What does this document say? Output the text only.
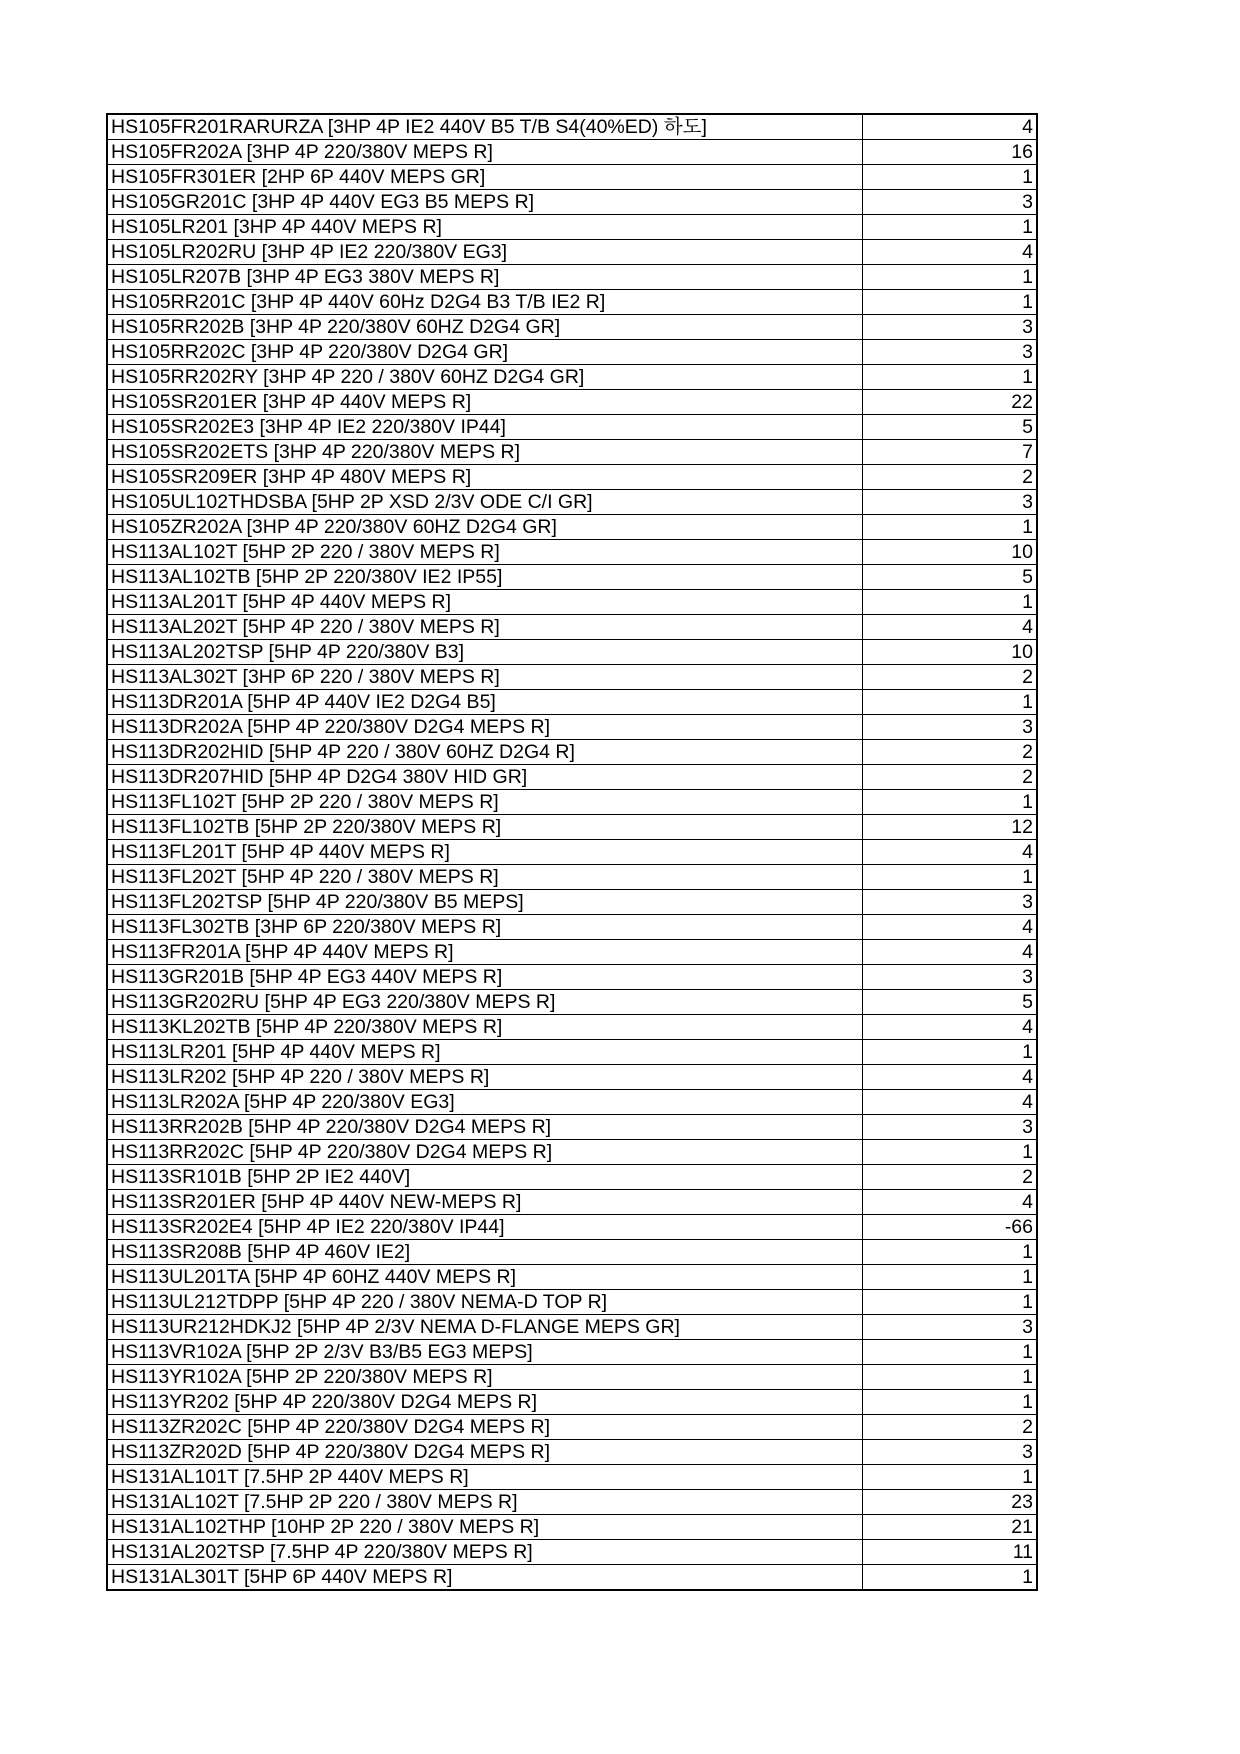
HS105FR201RARURZA [3HP 4P IE2 440V B5 T/B S4(40%ED) 하도]	4
HS105FR202A [3HP 4P 220/380V MEPS R]	16
HS105FR301ER [2HP 6P 440V MEPS GR]	1
HS105GR201C [3HP 4P 440V EG3 B5 MEPS R]	3
HS105LR201 [3HP 4P 440V MEPS R]	1
HS105LR202RU [3HP 4P IE2 220/380V EG3]	4
HS105LR207B [3HP 4P EG3 380V MEPS R]	1
HS105RR201C [3HP 4P 440V 60Hz D2G4 B3 T/B IE2 R]	1
HS105RR202B [3HP 4P 220/380V 60HZ D2G4 GR]	3
HS105RR202C [3HP 4P 220/380V D2G4 GR]	3
HS105RR202RY [3HP 4P 220 / 380V 60HZ D2G4 GR]	1
HS105SR201ER [3HP 4P 440V MEPS R]	22
HS105SR202E3 [3HP 4P IE2 220/380V IP44]	5
HS105SR202ETS [3HP 4P 220/380V MEPS R]	7
HS105SR209ER [3HP 4P 480V MEPS R]	2
HS105UL102THDSBA [5HP 2P XSD 2/3V ODE C/I GR]	3
HS105ZR202A [3HP 4P 220/380V 60HZ D2G4 GR]	1
HS113AL102T [5HP 2P 220 / 380V MEPS R]	10
HS113AL102TB [5HP 2P 220/380V IE2 IP55]	5
HS113AL201T [5HP 4P 440V MEPS R]	1
HS113AL202T [5HP 4P 220 / 380V MEPS R]	4
HS113AL202TSP [5HP 4P 220/380V B3]	10
HS113AL302T [3HP 6P 220 / 380V MEPS R]	2
HS113DR201A [5HP 4P 440V IE2 D2G4 B5]	1
HS113DR202A [5HP 4P 220/380V D2G4 MEPS R]	3
HS113DR202HID [5HP 4P 220 / 380V 60HZ D2G4 R]	2
HS113DR207HID [5HP 4P D2G4 380V HID GR]	2
HS113FL102T [5HP 2P 220 / 380V MEPS R]	1
HS113FL102TB [5HP 2P 220/380V MEPS R]	12
HS113FL201T [5HP 4P 440V MEPS R]	4
HS113FL202T [5HP 4P 220 / 380V MEPS R]	1
HS113FL202TSP [5HP 4P 220/380V B5 MEPS]	3
HS113FL302TB [3HP 6P 220/380V MEPS R]	4
HS113FR201A [5HP 4P 440V MEPS R]	4
HS113GR201B [5HP 4P EG3 440V MEPS R]	3
HS113GR202RU [5HP 4P EG3 220/380V MEPS R]	5
HS113KL202TB [5HP 4P 220/380V MEPS R]	4
HS113LR201 [5HP 4P 440V MEPS R]	1
HS113LR202 [5HP 4P 220 / 380V MEPS R]	4
HS113LR202A [5HP 4P 220/380V EG3]	4
HS113RR202B [5HP 4P 220/380V D2G4 MEPS R]	3
HS113RR202C [5HP 4P 220/380V D2G4 MEPS R]	1
HS113SR101B [5HP 2P IE2 440V]	2
HS113SR201ER [5HP 4P 440V NEW-MEPS R]	4
HS113SR202E4 [5HP 4P IE2 220/380V IP44]	-66
HS113SR208B [5HP 4P 460V IE2]	1
HS113UL201TA [5HP 4P 60HZ 440V MEPS R]	1
HS113UL212TDPP [5HP 4P 220 / 380V NEMA-D TOP R]	1
HS113UR212HDKJ2 [5HP 4P 2/3V NEMA D-FLANGE MEPS GR]	3
HS113VR102A [5HP 2P 2/3V B3/B5 EG3 MEPS]	1
HS113YR102A [5HP 2P 220/380V MEPS R]	1
HS113YR202 [5HP 4P 220/380V D2G4 MEPS R]	1
HS113ZR202C [5HP 4P 220/380V D2G4 MEPS R]	2
HS113ZR202D [5HP 4P 220/380V D2G4 MEPS R]	3
HS131AL101T [7.5HP 2P 440V MEPS R]	1
HS131AL102T [7.5HP 2P 220 / 380V MEPS R]	23
HS131AL102THP [10HP 2P 220 / 380V MEPS R]	21
HS131AL202TSP [7.5HP 4P 220/380V MEPS R]	11
HS131AL301T [5HP 6P 440V MEPS R]	1
